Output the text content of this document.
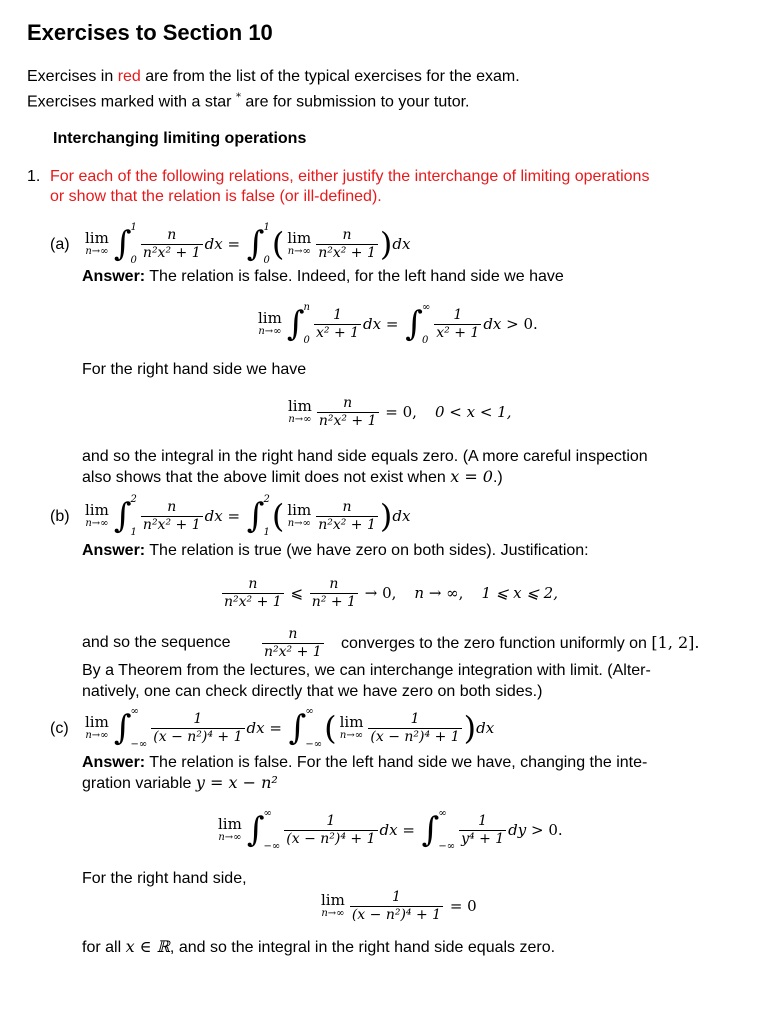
Exercises to Section 10
Exercises in red are from the list of the typical exercises for the exam.
Exercises marked with a star * are for submission to your tutor.
Interchanging limiting operations
1. For each of the following relations, either justify the interchange of limiting operations
or show that the relation is false (or ill-defined).
(a) lim
n→∞ ∫ 1
$0 \frac{n}{\text{n²x² + 1}}$ dx = ∫ 1
0 ( lim
$n\to\infty \frac{n}{\text{n²x² + 1}}$ ) dx
Answer: The relation is false. Indeed, for the left hand side we have
lim
n→∞ ∫ n
$0 \frac{1}{\text{x² + 1}}$ dx = ∫ ∞
$0 \frac{1}{\text{x² + 1}}$ dx > 0.
For the right hand side we have
lim
$n\to\infty \frac{n}{\text{n²x² + 1}} = 0$, 0 < x < 1,
and so the integral in the right hand side equals zero. (A more careful inspection
also shows that the above limit does not exist when x = 0.)
(b) lim
n→∞ ∫ 2
$1 \frac{n}{\text{n²x² + 1}}$ dx = ∫ 2
1 ( lim
$n\to\infty \frac{n}{\text{n²x² + 1}}$ ) dx
Answer: The relation is true (we have zero on both sides). Justification:
$\frac{n}{\text{n²x² + 1}}$ ⩽ $\frac{n}{\text{n² + 1}} \to 0$, n → ∞, 1 ⩽ x ⩽ 2,
and so the sequence $\frac{n}{\text{n²x² + 1}}$ converges to the zero function uniformly on [1, 2].
By a Theorem from the lectures, we can interchange integration with limit. (Alter-
natively, one can check directly that we have zero on both sides.)
(c) lim
n→∞ ∫ ∞
−∞ $\frac{1}{\text{(x − n²)⁴ + 1}}$ dx = ∫ ∞
−∞ ( lim
$n\to\infty \frac{1}{\text{(x − n²)⁴ + 1}}$ ) dx
Answer: The relation is false. For the left hand side we have, changing the inte-
gration variable y = x − n²
lim
n→∞ ∫ ∞
−∞ $\frac{1}{\text{(x − n²)⁴ + 1}}$ dx = ∫ ∞
−∞ $\frac{1}{\text{y⁴ + 1}}$ dy > 0.
For the right hand side,
lim
$n\to\infty \frac{1}{\text{(x − n²)⁴ + 1}} = 0$
for all x ∈ ℝ, and so the integral in the right hand side equals zero.
